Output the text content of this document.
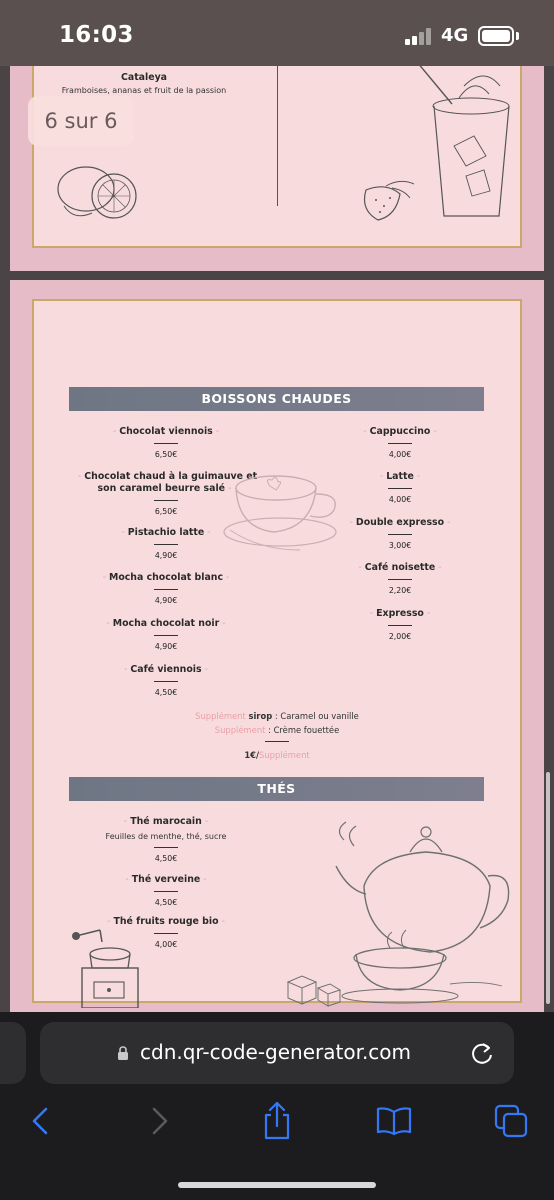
16:03	4G
Cataleya
Framboises, ananas et fruit de la passion
BOISSONS CHAUDES
- Chocolat viennois -
6,50€
- Chocolat chaud à la guimauve et son caramel beurre salé -
6,50€
- Pistachio latte -
4,90€
- Mocha chocolat blanc -
4,90€
- Mocha chocolat noir -
4,90€
- Café viennois -
4,50€
- Cappuccino -
4,00€
- Latte -
4,00€
- Double expresso -
3,00€
- Café noisette -
2,20€
- Expresso -
2,00€
Supplément sirop : Caramel ou vanille
Supplément : Crème fouettée
1€/Supplément
THÉS
- Thé marocain -
Feuilles de menthe, thé, sucre
4,50€
- Thé verveine -
4,50€
- Thé fruits rouge bio -
4,00€
6 sur 6
cdn.qr-code-generator.com
